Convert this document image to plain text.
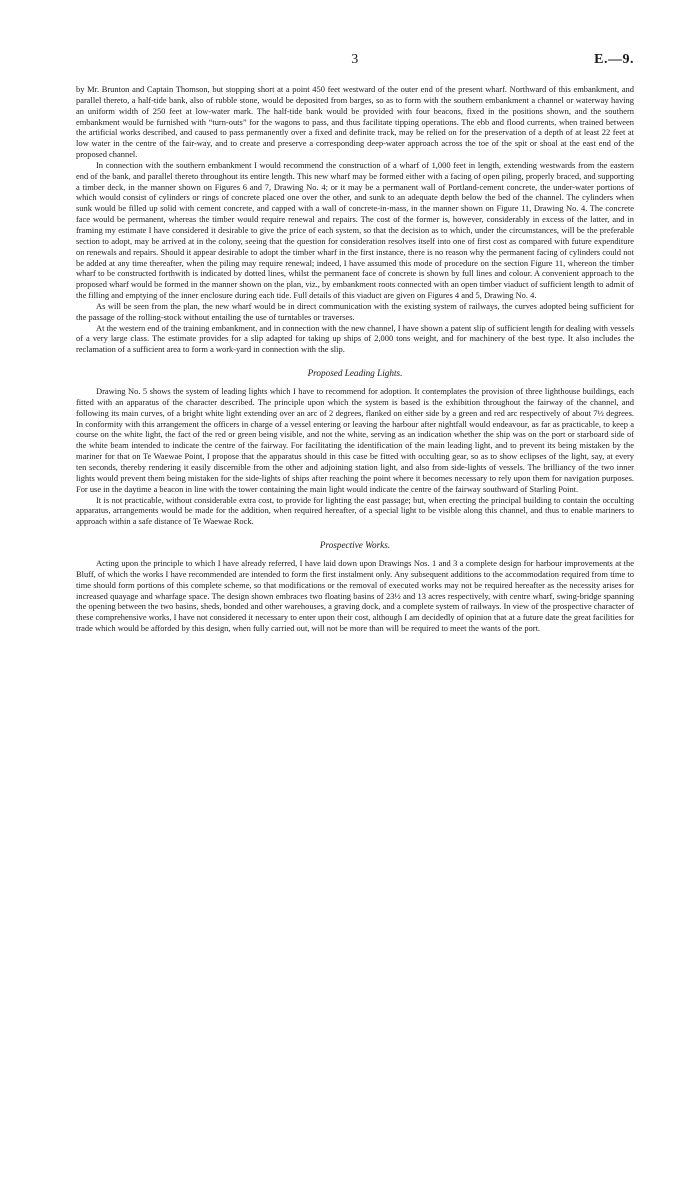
3	E.—9.

by Mr. Brunton and Captain Thomson, but stopping short at a point 450 feet westward of the outer end of the present wharf. Northward of this embankment, and parallel thereto, a half-tide bank, also of rubble stone, would be deposited from barges, so as to form with the southern embankment a channel or waterway having an uniform width of 250 feet at low-water mark. The half-tide bank would be provided with four beacons, fixed in the positions shown, and the southern embankment would be furnished with “turn-outs” for the wagons to pass, and thus facilitate tipping operations. The ebb and flood currents, when trained between the artificial works described, and caused to pass permanently over a fixed and definite track, may be relied on for the preservation of a depth of at least 22 feet at low water in the centre of the fair-way, and to create and preserve a corresponding deep-water approach across the toe of the spit or shoal at the east end of the proposed channel.

In connection with the southern embankment I would recommend the construction of a wharf of 1,000 feet in length, extending westwards from the eastern end of the bank, and parallel thereto throughout its entire length. This new wharf may be formed either with a facing of open piling, properly braced, and supporting a timber deck, in the manner shown on Figures 6 and 7, Drawing No. 4; or it may be a permanent wall of Portland-cement concrete, the under-water portions of which would consist of cylinders or rings of concrete placed one over the other, and sunk to an adequate depth below the bed of the channel. The cylinders when sunk would be filled up solid with cement concrete, and capped with a wall of concrete-in-mass, in the manner shown on Figure 11, Drawing No. 4. The concrete face would be permanent, whereas the timber would require renewal and repairs. The cost of the former is, however, considerably in excess of the latter, and in framing my estimate I have considered it desirable to give the price of each system, so that the decision as to which, under the circumstances, will be the preferable section to adopt, may be arrived at in the colony, seeing that the question for consideration resolves itself into one of first cost as compared with future expenditure on renewals and repairs. Should it appear desirable to adopt the timber wharf in the first instance, there is no reason why the permanent facing of cylinders could not be added at any time thereafter, when the piling may require renewal; indeed, I have assumed this mode of procedure on the section Figure 11, whereon the timber wharf to be constructed forthwith is indicated by dotted lines, whilst the permanent face of concrete is shown by full lines and colour. A convenient approach to the proposed wharf would be formed in the manner shown on the plan, viz., by embankment roots connected with an open timber viaduct of sufficient length to admit of the filling and emptying of the inner enclosure during each tide. Full details of this viaduct are given on Figures 4 and 5, Drawing No. 4.

As will be seen from the plan, the new wharf would be in direct communication with the existing system of railways, the curves adopted being sufficient for the passage of the rolling-stock without entailing the use of turntables or traverses.

At the western end of the training embankment, and in connection with the new channel, I have shown a patent slip of sufficient length for dealing with vessels of a very large class. The estimate provides for a slip adapted for taking up ships of 2,000 tons weight, and for machinery of the best type. It also includes the reclamation of a sufficient area to form a work-yard in connection with the slip.

Proposed Leading Lights.

Drawing No. 5 shows the system of leading lights which I have to recommend for adoption. It contemplates the provision of three lighthouse buildings, each fitted with an apparatus of the character described. The principle upon which the system is based is the exhibition throughout the fairway of the channel, and following its main curves, of a bright white light extending over an arc of 2 degrees, flanked on either side by a green and red arc respectively of about 7½ degrees. In conformity with this arrangement the officers in charge of a vessel entering or leaving the harbour after nightfall would endeavour, as far as practicable, to keep a course on the white light, the fact of the red or green being visible, and not the white, serving as an indication whether the ship was on the port or starboard side of the white beam intended to indicate the centre of the fairway. For facilitating the identification of the main leading light, and to prevent its being mistaken by the mariner for that on Te Waewae Point, I propose that the apparatus should in this case be fitted with occulting gear, so as to show eclipses of the light, say, at every ten seconds, thereby rendering it easily discernible from the other and adjoining station light, and also from side-lights of vessels. The brilliancy of the two inner lights would prevent them being mistaken for the side-lights of ships after reaching the point where it becomes necessary to rely upon them for navigation purposes. For use in the daytime a beacon in line with the tower containing the main light would indicate the centre of the fairway southward of Starling Point.

It is not practicable, without considerable extra cost, to provide for lighting the east passage; but, when erecting the principal building to contain the occulting apparatus, arrangements would be made for the addition, when required hereafter, of a special light to be visible along this channel, and thus to enable mariners to approach within a safe distance of Te Waewae Rock.

Prospective Works.

Acting upon the principle to which I have already referred, I have laid down upon Drawings Nos. 1 and 3 a complete design for harbour improvements at the Bluff, of which the works I have recommended are intended to form the first instalment only. Any subsequent additions to the accommodation required from time to time should form portions of this complete scheme, so that modifications or the removal of executed works may not be required hereafter as the necessity arises for increased quayage and wharfage space. The design shown embraces two floating basins of 23½ and 13 acres respectively, with centre wharf, swing-bridge spanning the opening between the two basins, sheds, bonded and other warehouses, a graving dock, and a complete system of railways. In view of the prospective character of these comprehensive works, I have not considered it necessary to enter upon their cost, although I am decidedly of opinion that at a future date the great facilities for trade which would be afforded by this design, when fully carried out, will not be more than will be required to meet the wants of the port.
